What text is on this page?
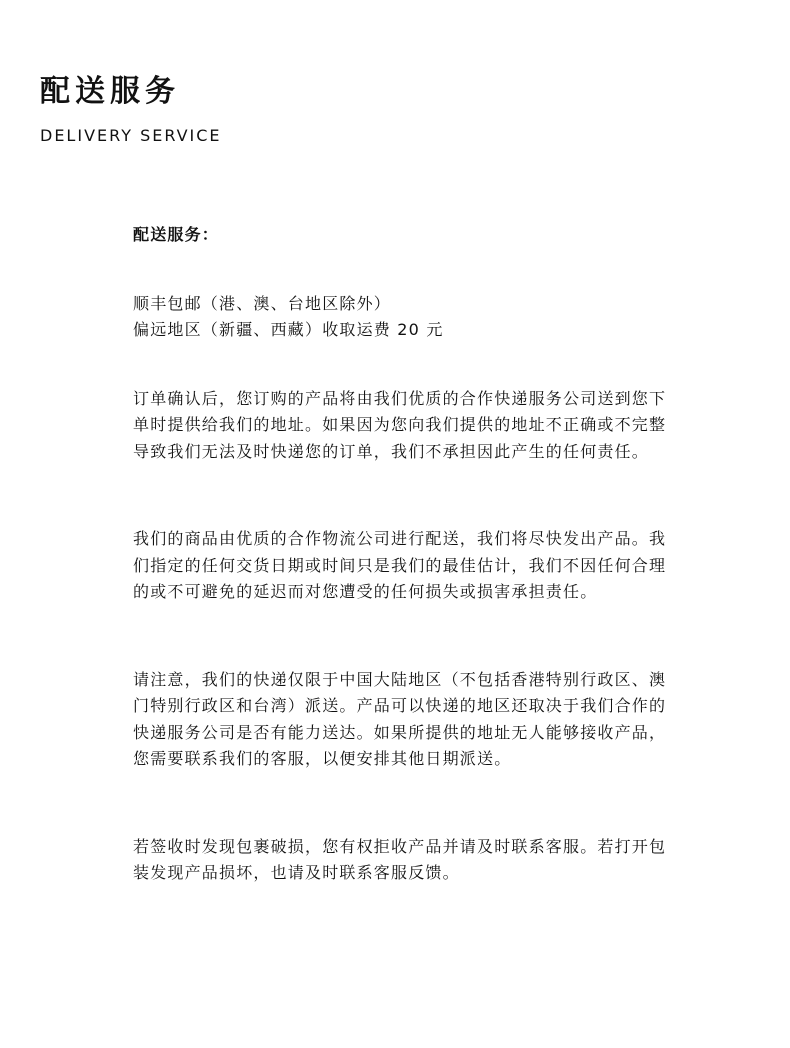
配送服务
DELIVERY SERVICE

配送服务：

顺丰包邮（港、澳、台地区除外）

偏远地区（新疆、西藏）收取运费 20 元

订单确认后，您订购的产品将由我们优质的合作快递服务公司送到您下单时提供给我们的地址。如果因为您向我们提供的地址不正确或不完整导致我们无法及时快递您的订单，我们不承担因此产生的任何责任。

我们的商品由优质的合作物流公司进行配送，我们将尽快发出产品。我们指定的任何交货日期或时间只是我们的最佳估计，我们不因任何合理的或不可避免的延迟而对您遭受的任何损失或损害承担责任。

请注意，我们的快递仅限于中国大陆地区（不包括香港特别行政区、澳门特别行政区和台湾）派送。产品可以快递的地区还取决于我们合作的快递服务公司是否有能力送达。如果所提供的地址无人能够接收产品，您需要联系我们的客服，以便安排其他日期派送。

若签收时发现包裹破损，您有权拒收产品并请及时联系客服。若打开包装发现产品损坏，也请及时联系客服反馈。
